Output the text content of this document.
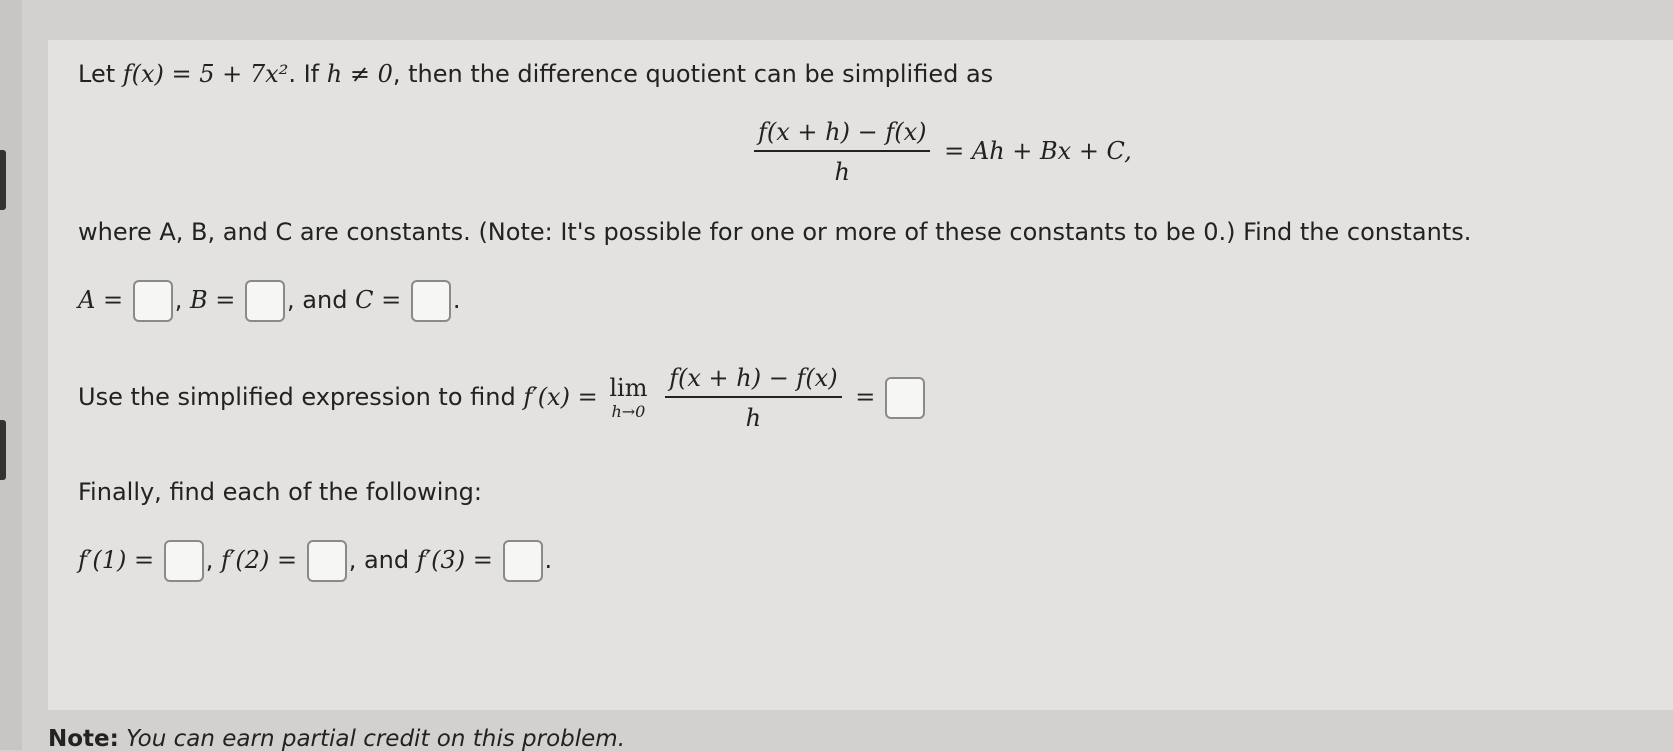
Let f(x) = 5 + 7x². If h ≠ 0, then the difference quotient can be simplified as
$\frac{f(x + h) - f(x)}{h} = Ah + Bx + C$,
where A, B, and C are constants. (Note: It's possible for one or more of these constants to be 0.) Find the constants.
A = , B = , and C = .
Use the simplified expression to find f′(x) = lim
h→0
$\frac{f(x + h) - f(x)}{h}$ =
Finally, find each of the following:
f′(1) = , f′(2) = , and f′(3) = .
Note: You can earn partial credit on this problem.
